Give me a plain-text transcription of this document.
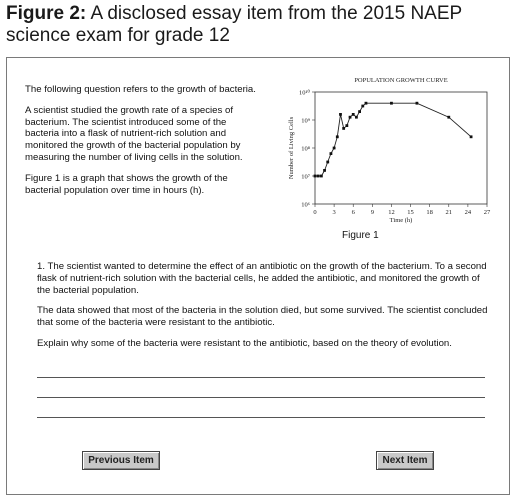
Figure 2: A disclosed essay item from the 2015 NAEP science exam for grade 12

The following question refers to the growth of bacteria.

A scientist studied the growth rate of a species of bacterium. The scientist introduced some of the bacteria into a flask of nutrient-rich solution and monitored the growth of the bacterial population by measuring the number of living cells in the solution.

Figure 1 is a graph that shows the growth of the bacterial population over time in hours (h).

POPULATION GROWTH CURVE
0 3 6 9 12 15 18 21 24 27
10⁶
10⁷
10⁸
10⁹
10¹⁰
Time (h)
Number of Living Cells
Figure 1

1. The scientist wanted to determine the effect of an antibiotic on the growth of the bacterium. To a second flask of nutrient-rich solution with the bacterial cells, he added the antibiotic, and monitored the growth of the bacterial population.

The data showed that most of the bacteria in the solution died, but some survived. The scientist concluded that some of the bacteria were resistant to the antibiotic.

Explain why some of the bacteria were resistant to the antibiotic, based on the theory of evolution.

Previous Item	Next Item
